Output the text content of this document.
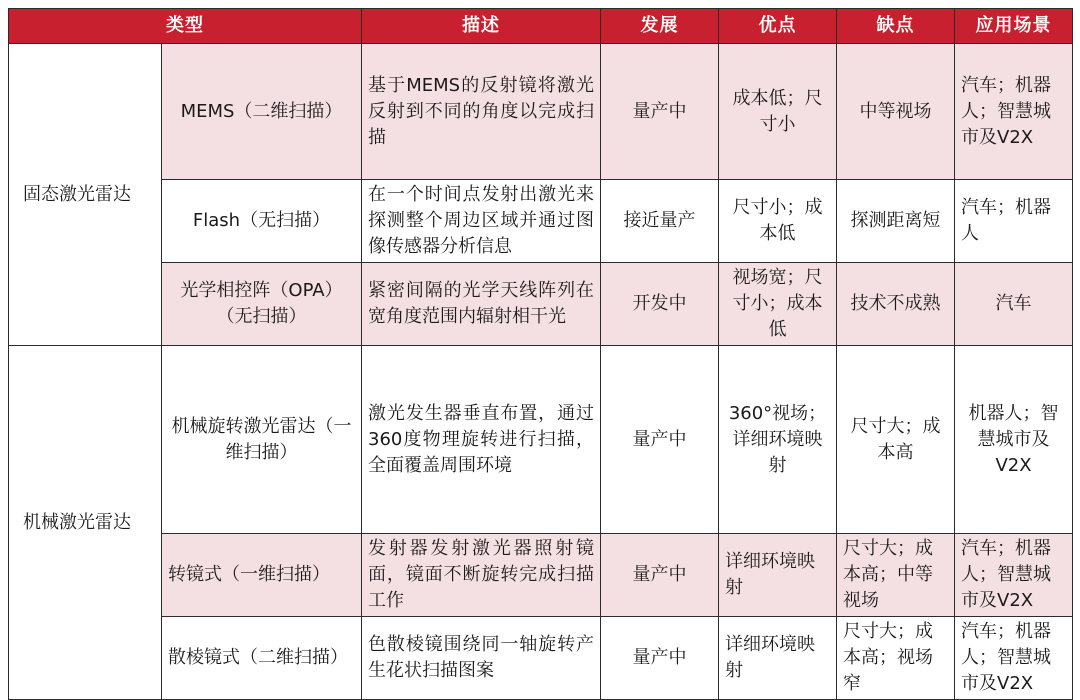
类型		描述	发展	优点	缺点	应用场景
固态激光雷达	MEMS（二维扫描）	基于MEMS的反射镜将激光反射到不同的角度以完成扫描	量产中	成本低；尺寸小	中等视场	汽车；机器人；智慧城市及V2X
	Flash（无扫描）	在一个时间点发射出激光来探测整个周边区域并通过图像传感器分析信息	接近量产	尺寸小；成本低	探测距离短	汽车；机器人
	光学相控阵（OPA）（无扫描）	紧密间隔的光学天线阵列在宽角度范围内辐射相干光	开发中	视场宽；尺寸小；成本低	技术不成熟	汽车
机械激光雷达	机械旋转激光雷达（一维扫描）	激光发生器垂直布置，通过360度物理旋转进行扫描，全面覆盖周围环境	量产中	360°视场；详细环境映射	尺寸大；成本高	机器人；智慧城市及V2X
	转镜式（一维扫描）	发射器发射激光器照射镜面，镜面不断旋转完成扫描工作	量产中	详细环境映射	尺寸大；成本高；中等视场	汽车；机器人；智慧城市及V2X
	散棱镜式（二维扫描）	色散棱镜围绕同一轴旋转产生花状扫描图案	量产中	详细环境映射	尺寸大；成本高；视场窄	汽车；机器人；智慧城市及V2X
